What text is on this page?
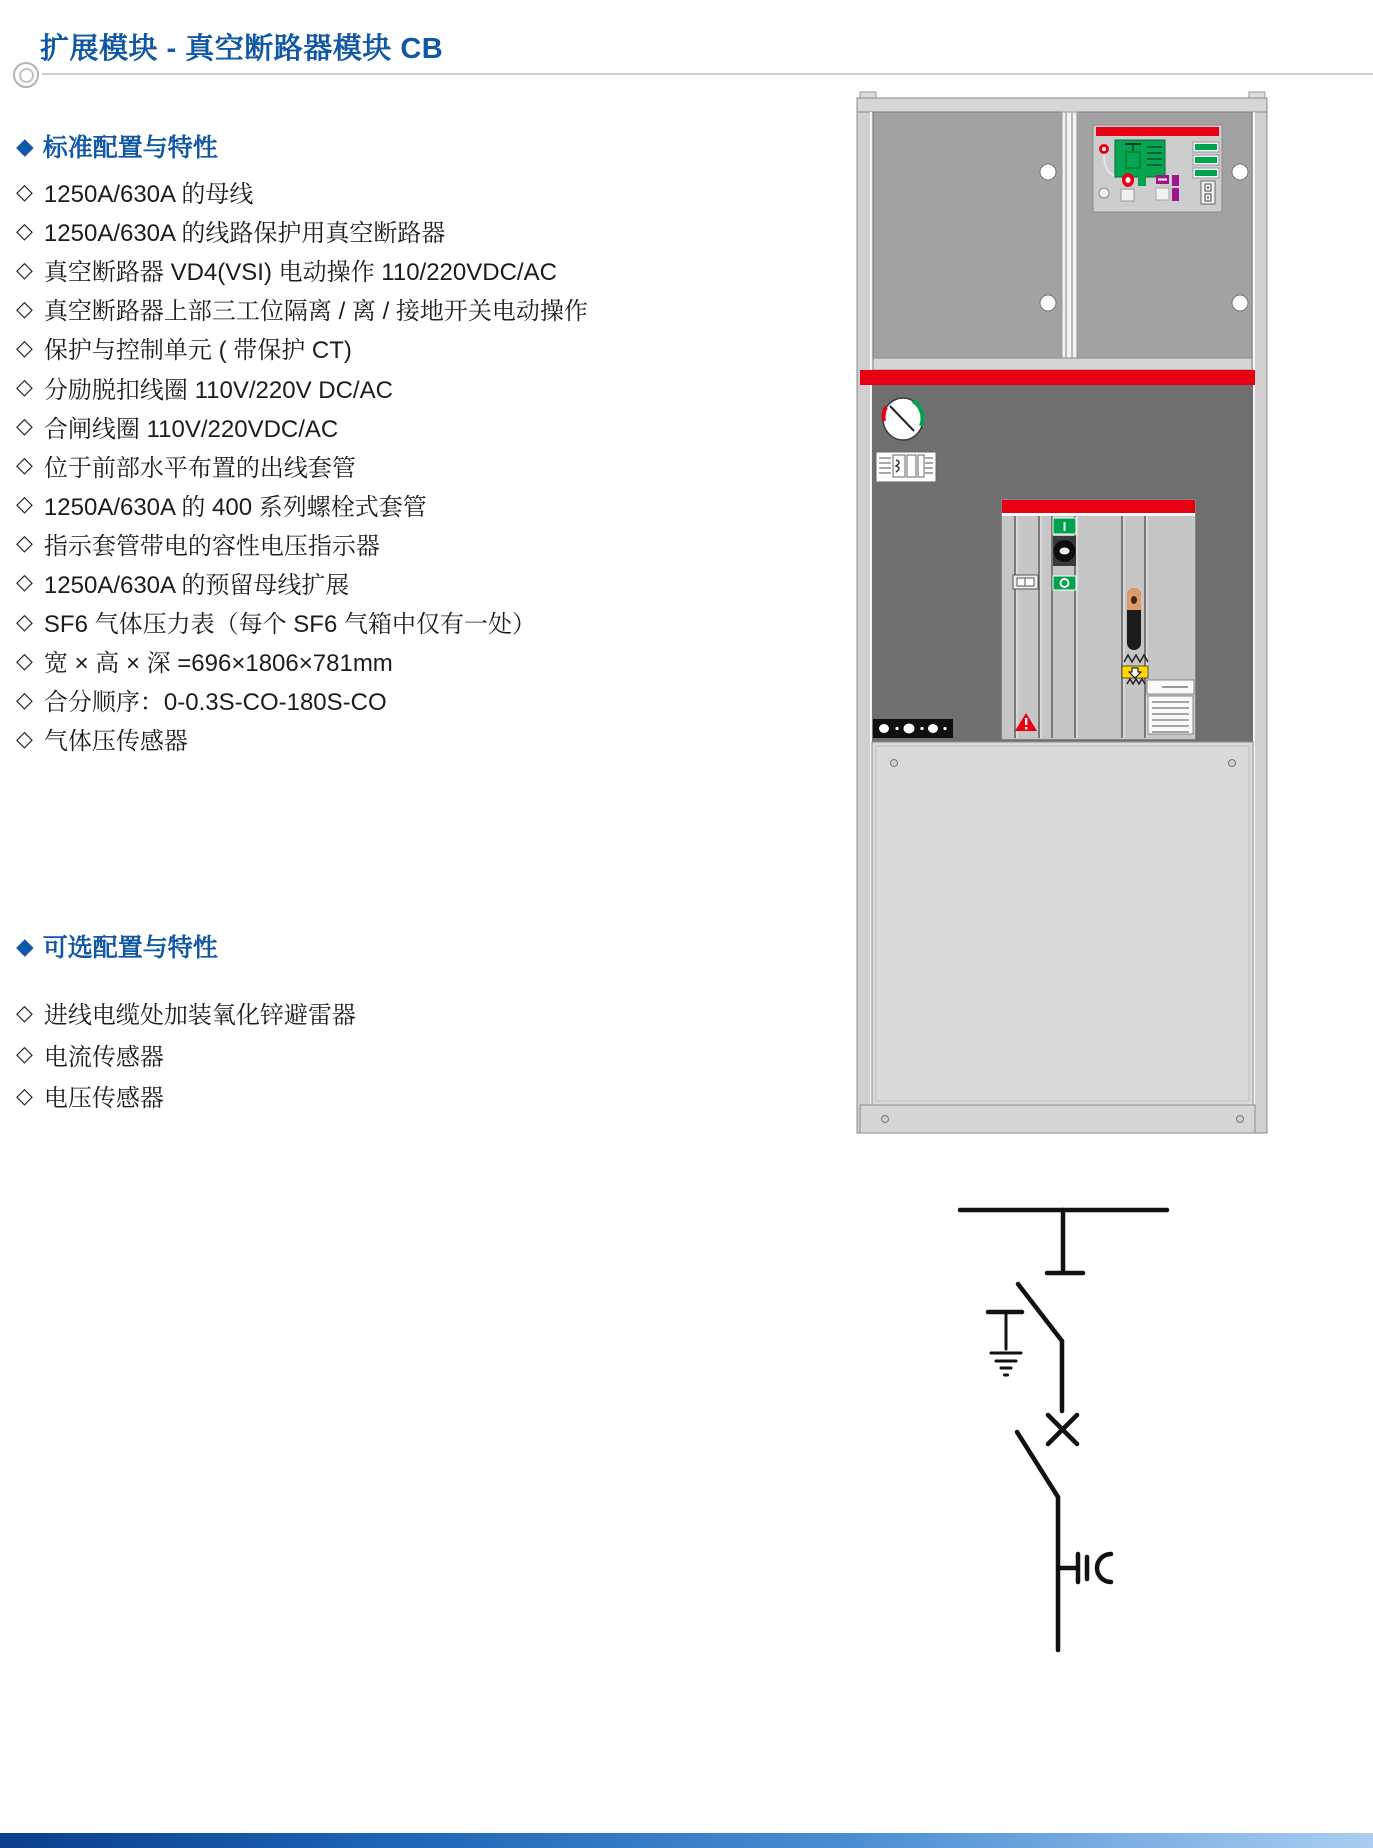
扩展模块 - 真空断路器模块 CB
◆ 标准配置与特性
◇ 1250A/630A 的母线
◇ 1250A/630A 的线路保护用真空断路器
◇ 真空断路器 VD4(VSI) 电动操作 110/220VDC/AC
◇ 真空断路器上部三工位隔离 / 离 / 接地开关电动操作
◇ 保护与控制单元 ( 带保护 CT)
◇ 分励脱扣线圈 110V/220V DC/AC
◇ 合闸线圈 110V/220VDC/AC
◇ 位于前部水平布置的出线套管
◇ 1250A/630A 的 400 系列螺栓式套管
◇ 指示套管带电的容性电压指示器
◇ 1250A/630A 的预留母线扩展
◇ SF6 气体压力表（每个 SF6 气箱中仅有一处）
◇ 宽 × 高 × 深 =696×1806×781mm
◇ 合分顺序：0-0.3S-CO-180S-CO
◇ 气体压传感器
◆ 可选配置与特性
◇ 进线电缆处加装氧化锌避雷器
◇ 电流传感器
◇ 电压传感器
I
